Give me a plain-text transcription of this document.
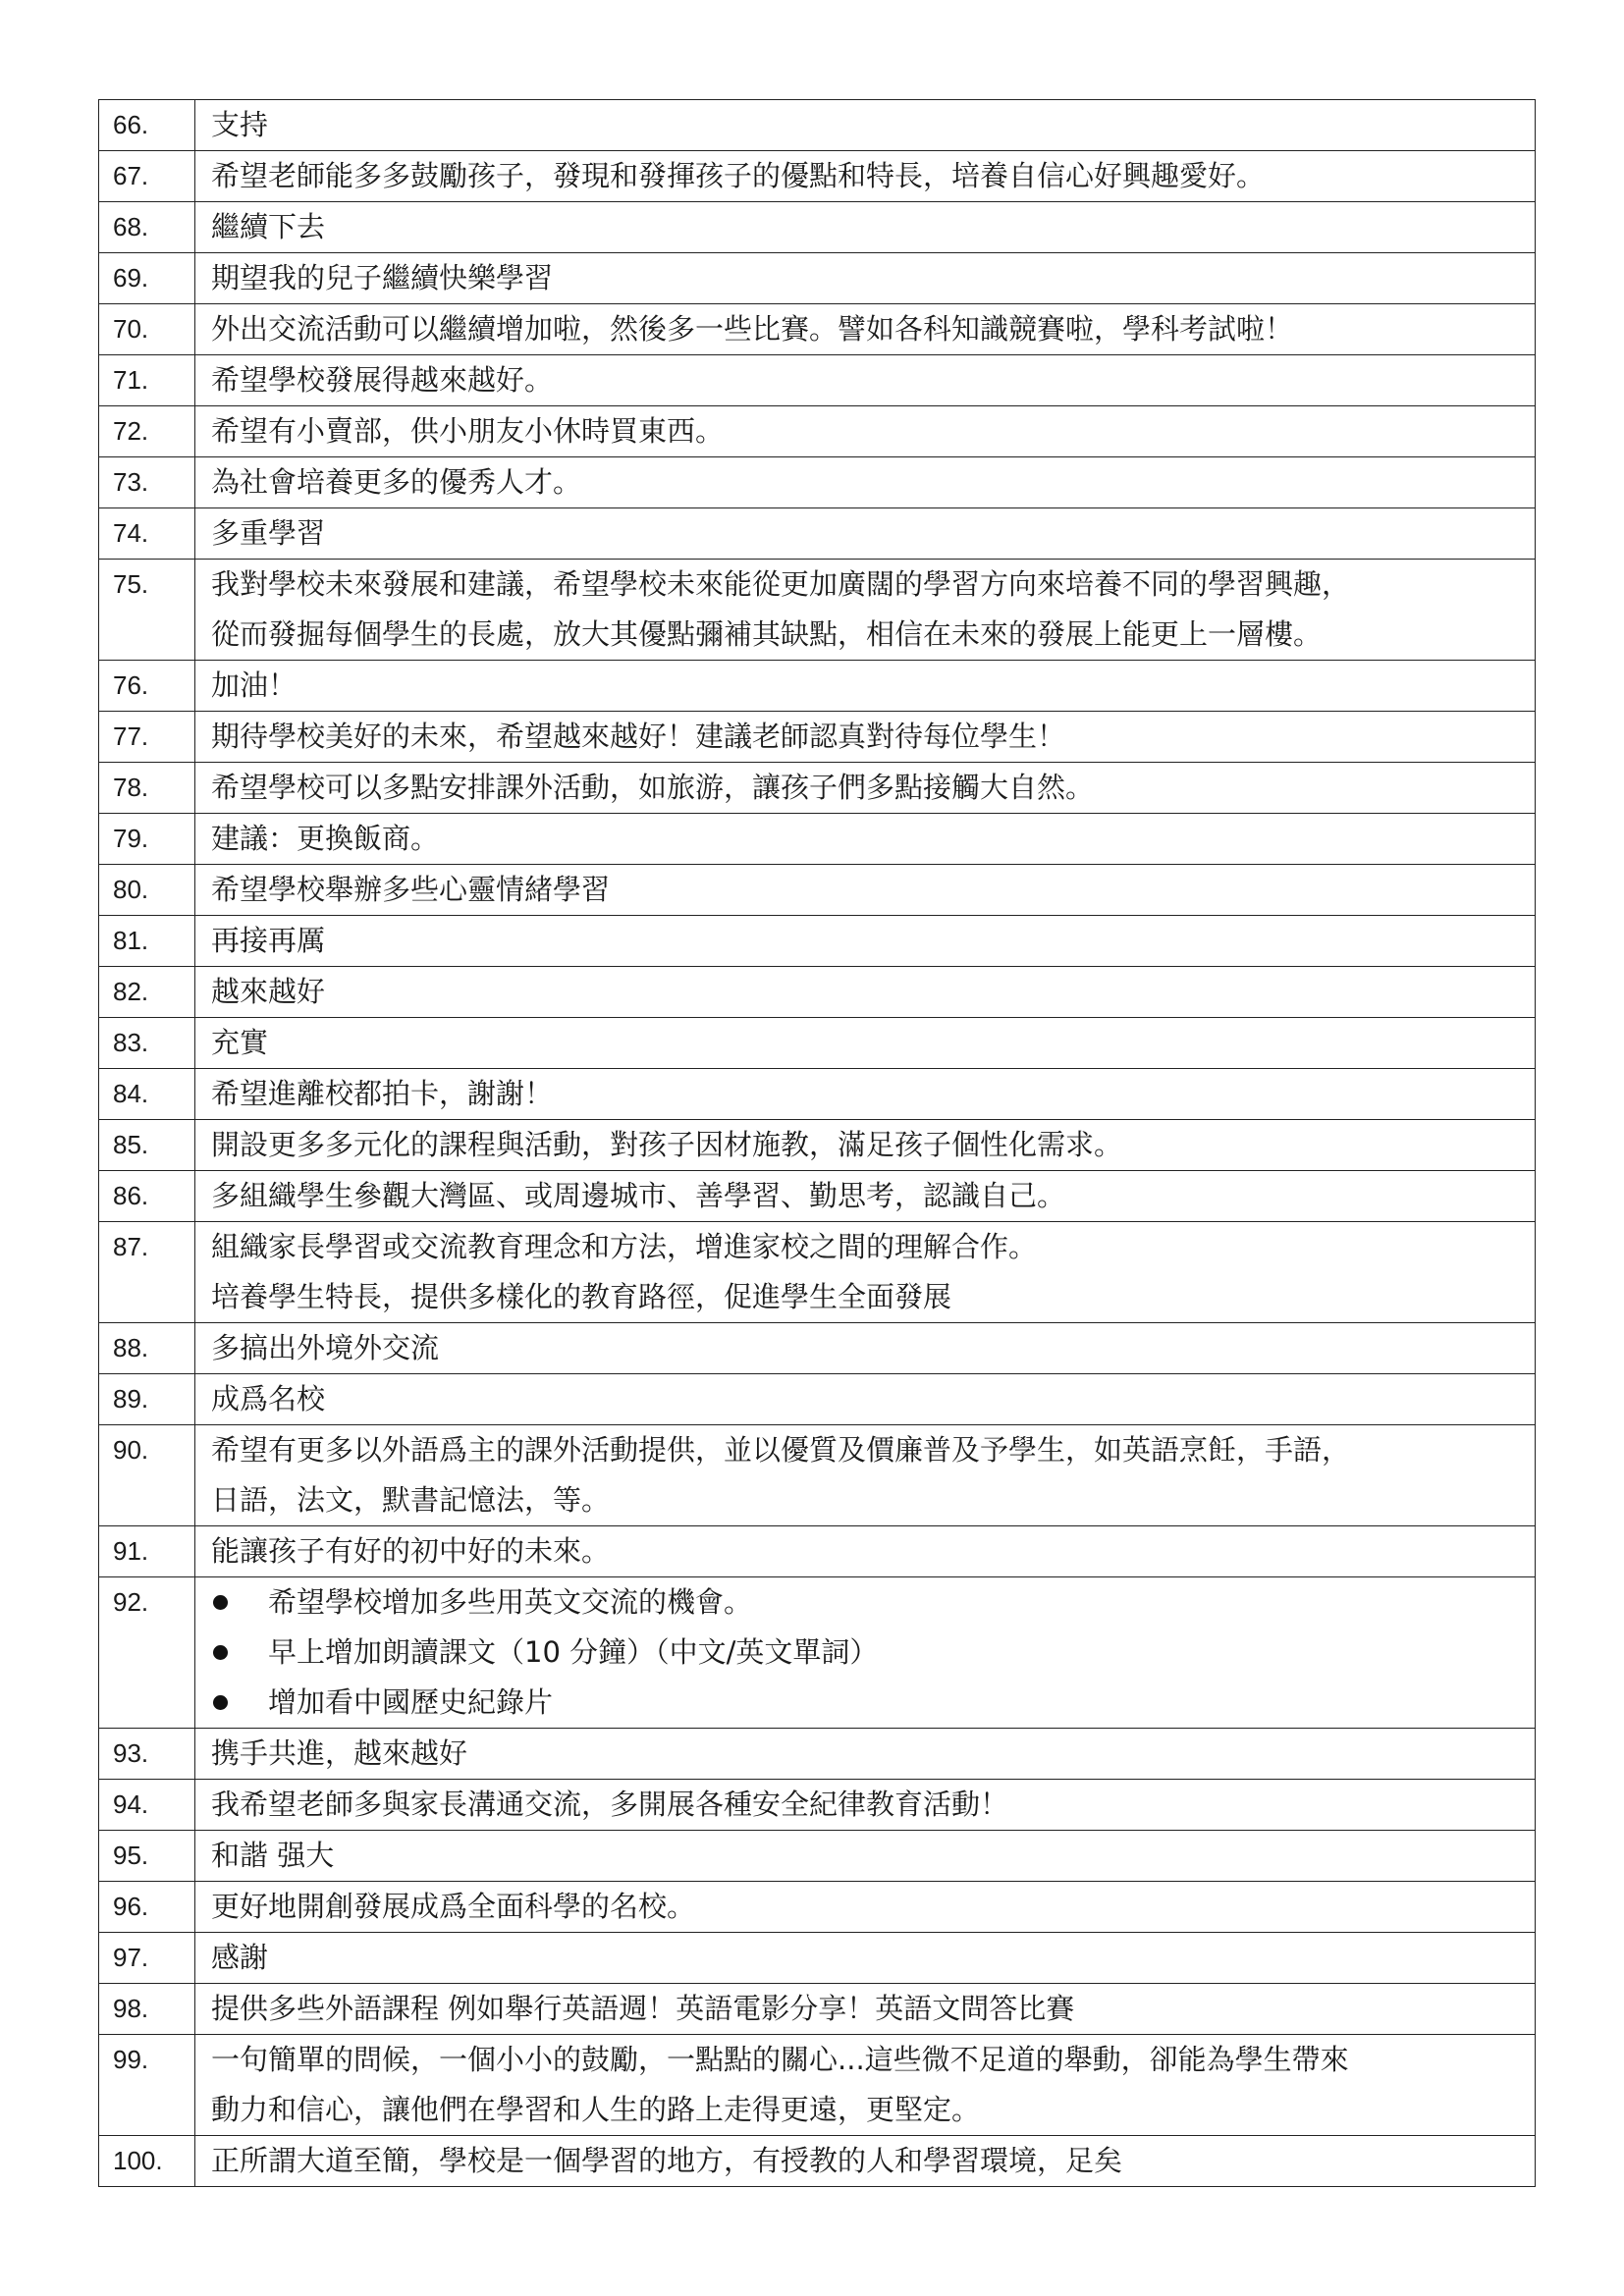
66.	支持

67.	希望老師能多多鼓勵孩子，發現和發揮孩子的優點和特長，培養自信心好興趣愛好。

68.	繼續下去

69.	期望我的兒子繼續快樂學習

70.	外出交流活動可以繼續增加啦，然後多一些比賽。譬如各科知識競賽啦，學科考試啦！

71.	希望學校發展得越來越好。

72.	希望有小賣部，供小朋友小休時買東西。

73.	為社會培養更多的優秀人才。

74.	多重學習

75.	我對學校未來發展和建議，希望學校未來能從更加廣闊的學習方向來培養不同的學習興趣，
從而發掘每個學生的長處，放大其優點彌補其缺點，相信在未來的發展上能更上一層樓。

76.	加油！

77.	期待學校美好的未來，希望越來越好！建議老師認真對待每位學生！

78.	希望學校可以多點安排課外活動，如旅游，讓孩子們多點接觸大自然。

79.	建議：更換飯商。

80.	希望學校舉辦多些心靈情緒學習

81.	再接再厲

82.	越來越好

83.	充實

84.	希望進離校都拍卡，謝謝！

85.	開設更多多元化的課程與活動，對孩子因材施教，滿足孩子個性化需求。

86.	多組織學生參觀大灣區、或周邊城市、善學習、勤思考，認識自己。

87.	組織家長學習或交流教育理念和方法，增進家校之間的理解合作。
培養學生特長，提供多樣化的教育路徑，促進學生全面發展

88.	多搞出外境外交流

89.	成爲名校

90.	希望有更多以外語爲主的課外活動提供，並以優質及價廉普及予學生，如英語烹飪，手語，
日語，法文，默書記憶法，等。

91.	能讓孩子有好的初中好的未來。

92.	希望學校增加多些用英文交流的機會。
早上增加朗讀課文（10 分鐘）（中文/英文單詞）
增加看中國歷史紀錄片

93.	携手共進，越來越好

94.	我希望老師多與家長溝通交流，多開展各種安全紀律教育活動！

95.	和諧 强大

96.	更好地開創發展成爲全面科學的名校。

97.	感謝

98.	提供多些外語課程 例如舉行英語週！英語電影分享！英語文問答比賽

99.	一句簡單的問候，一個小小的鼓勵，一點點的關心...這些微不足道的舉動，卻能為學生帶來
動力和信心，讓他們在學習和人生的路上走得更遠，更堅定。

100.	正所謂大道至簡，學校是一個學習的地方，有授教的人和學習環境，足矣
